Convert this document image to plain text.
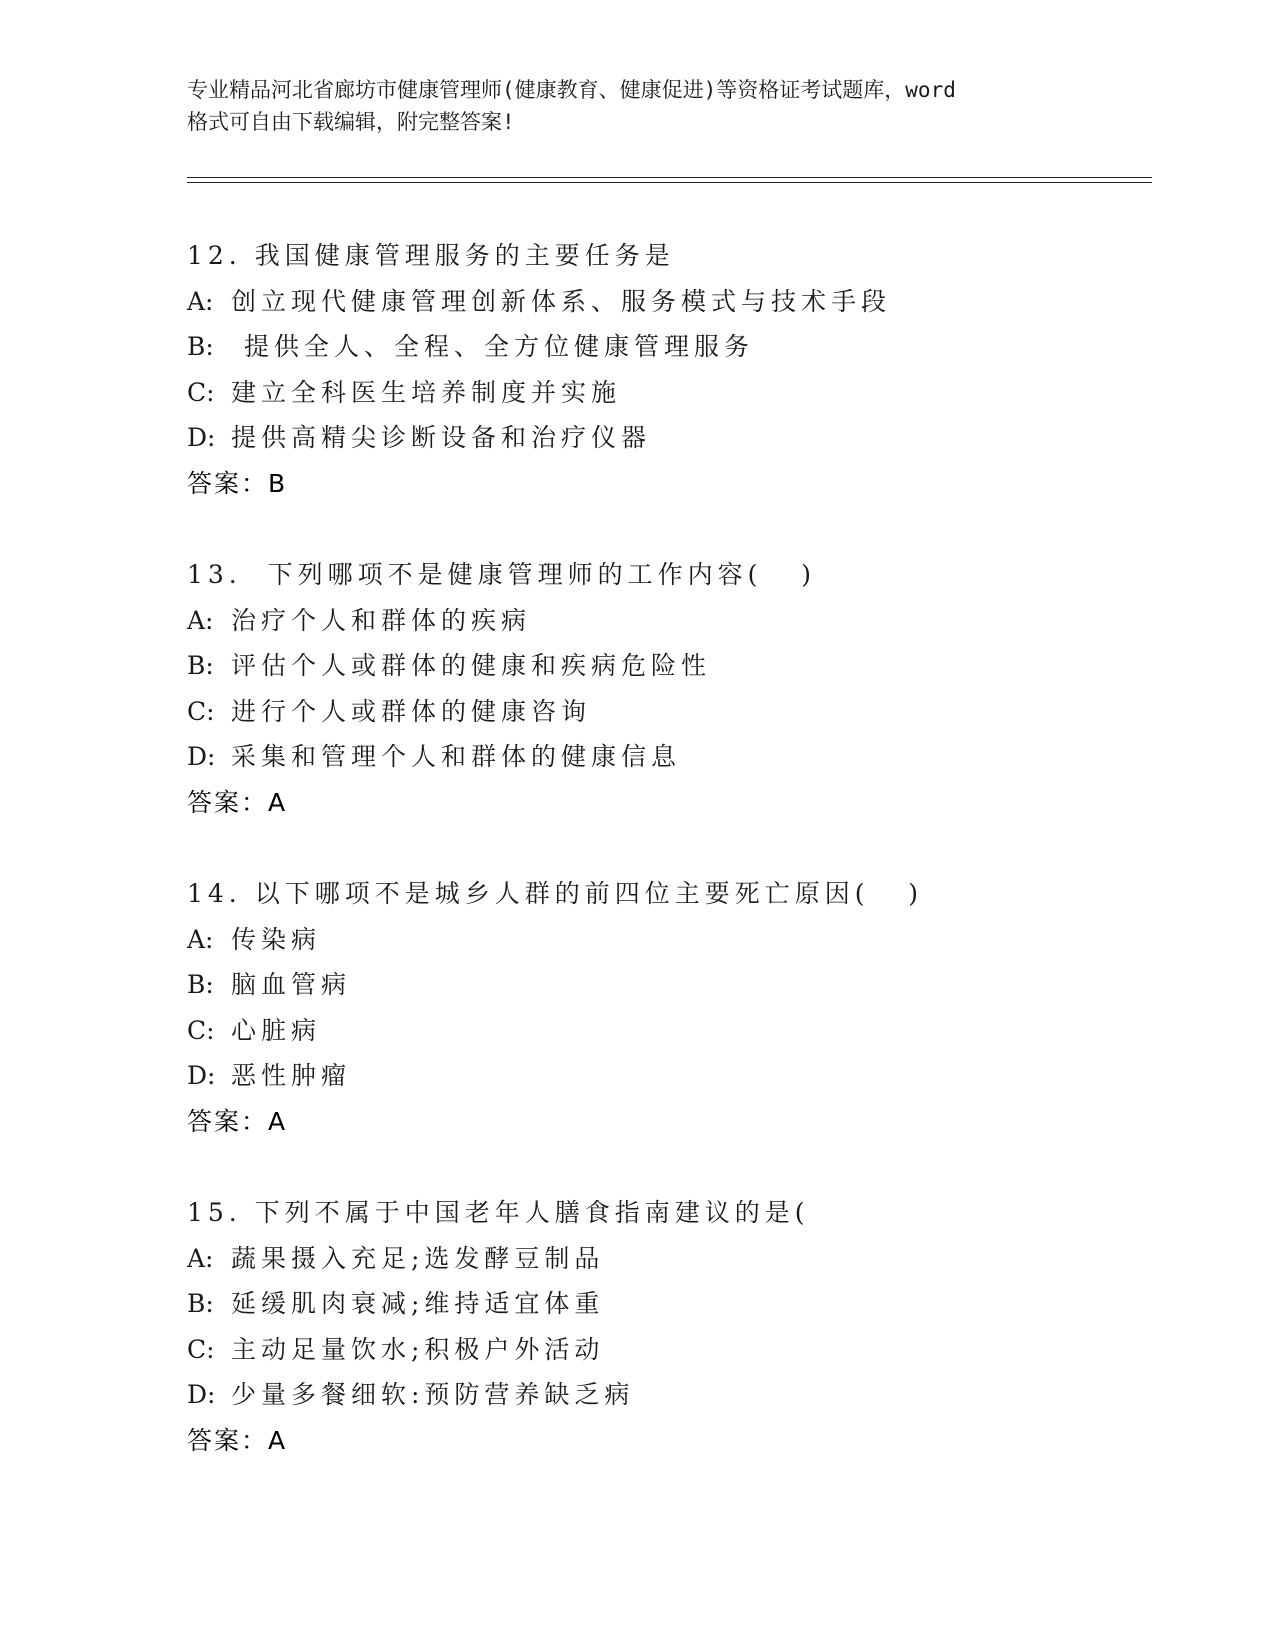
专业精品河北省廊坊市健康管理师(健康教育、健康促进)等资格证考试题库，word
格式可自由下载编辑，附完整答案!
12. 我国健康管理服务的主要任务是
A: 创立现代健康管理创新体系、服务模式与技术手段
B: 提供全人、全程、全方位健康管理服务
C: 建立全科医生培养制度并实施
D: 提供高精尖诊断设备和治疗仪器
答案：B
13.  下列哪项不是健康管理师的工作内容(   )
A: 治疗个人和群体的疾病
B: 评估个人或群体的健康和疾病危险性
C: 进行个人或群体的健康咨询
D: 采集和管理个人和群体的健康信息
答案：A
14. 以下哪项不是城乡人群的前四位主要死亡原因(   )
A: 传染病
B: 脑血管病
C: 心脏病
D: 恶性肿瘤
答案：A
15. 下列不属于中国老年人膳食指南建议的是(
A: 蔬果摄入充足;选发酵豆制品
B: 延缓肌肉衰减;维持适宜体重
C: 主动足量饮水;积极户外活动
D: 少量多餐细软:预防营养缺乏病
答案：A
